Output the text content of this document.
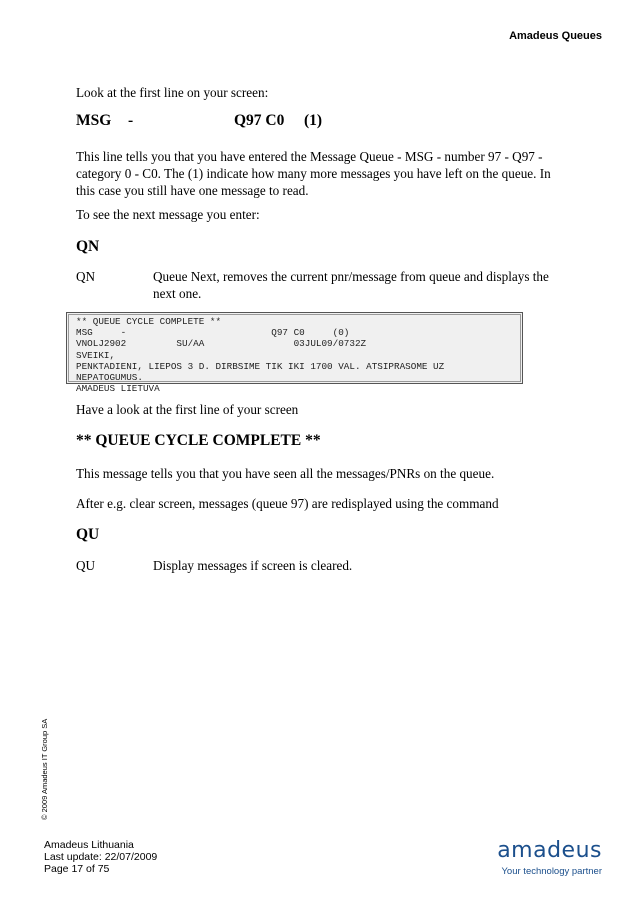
Amadeus Queues
Look at the first line on your screen:
MSG -	Q97 C0 (1)
This line tells you that you have entered the Message Queue - MSG - number 97 - Q97 - category 0 - C0. The (1) indicate how many more messages you have left on the queue. In this case you still have one message to read.
To see the next message you enter:
QN
QN	Queue Next, removes the current pnr/message from queue and displays the next one.
Have a look at the first line of your screen
** QUEUE CYCLE COMPLETE **
This message tells you that you have seen all the messages/PNRs on the queue.
After e.g. clear screen, messages (queue 97) are redisplayed using the command
QU
QU	Display messages if screen is cleared.
** QUEUE CYCLE COMPLETE **
MSG     -                          Q97 C0     (0)
VNOLJ2902         SU/AA                03JUL09/0732Z
SVEIKI,
PENKTADIENI, LIEPOS 3 D. DIRBSIME TIK IKI 1700 VAL. ATSIPRASOME UZ
NEPATOGUMUS.
AMADEUS LIETUVA
© 2009 Amadeus IT Group SA
Amadeus Lithuania
Last update: 22/07/2009
Page 17 of 75
amadeus
Your technology partner
